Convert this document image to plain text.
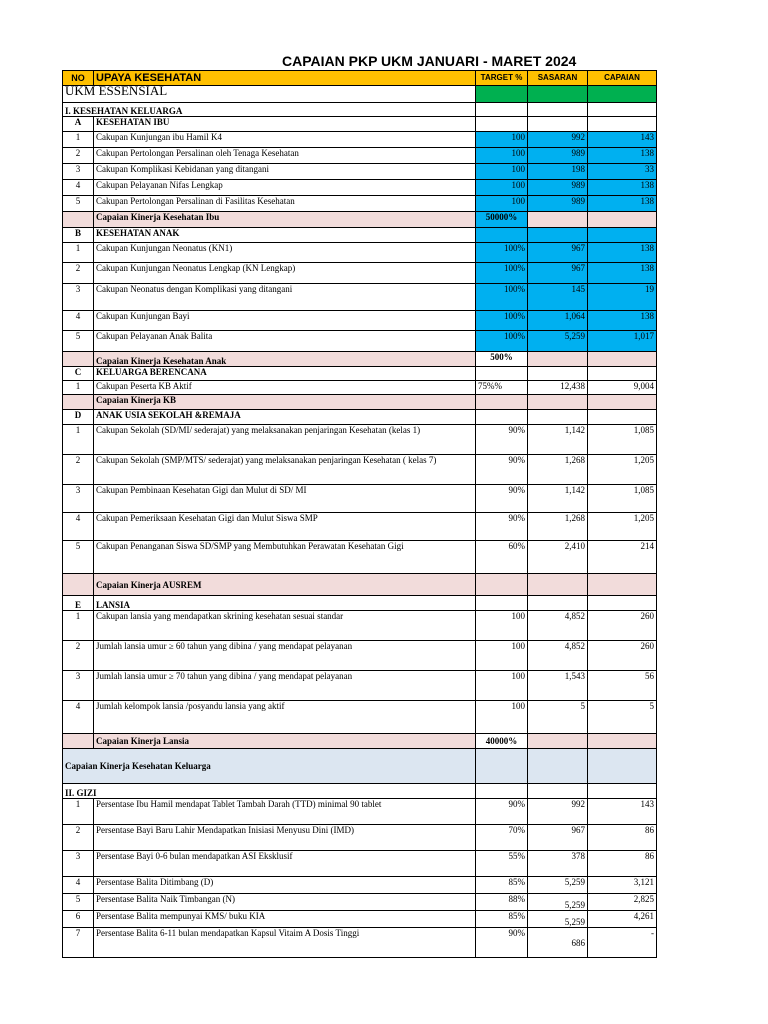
CAPAIAN PKP UKM JANUARI - MARET 2024
NO	UPAYA KESEHATAN	TARGET %	SASARAN	CAPAIAN
UKM ESSENSIAL				
I. KESEHATAN KELUARGA				
A	KESEHATAN IBU			
1	Cakupan Kunjungan ibu Hamil K4	100	992	143
2	Cakupan Pertolongan Persalinan oleh Tenaga Kesehatan	100	989	138
3	Cakupan Komplikasi Kebidanan yang ditangani	100	198	33
4	Cakupan Pelayanan Nifas Lengkap	100	989	138
5	Cakupan Pertolongan Persalinan di Fasilitas Kesehatan	100	989	138
	Capaian Kinerja Kesehatan Ibu	50000%		
B	KESEHATAN ANAK			
1	Cakupan Kunjungan Neonatus (KN1)	100%	967	138
2	Cakupan Kunjungan Neonatus Lengkap (KN Lengkap)	100%	967	138
3	Cakupan Neonatus dengan Komplikasi yang ditangani	100%	145	19
4	Cakupan Kunjungan Bayi	100%	1,064	138
5	Cakupan Pelayanan Anak Balita	100%	5,259	1,017
	Capaian Kinerja Kesehatan Anak	500%		
C	KELUARGA BERENCANA			
1	Cakupan Peserta KB Aktif	75%%	12,438	9,004
	Capaian Kinerja KB			
D	ANAK USIA SEKOLAH &REMAJA			
1	Cakupan Sekolah (SD/MI/ sederajat) yang melaksanakan penjaringan Kesehatan (kelas 1)	90%	1,142	1,085
2	Cakupan Sekolah (SMP/MTS/ sederajat) yang melaksanakan penjaringan Kesehatan ( kelas 7)	90%	1,268	1,205
3	Cakupan Pembinaan Kesehatan Gigi dan Mulut di SD/ MI	90%	1,142	1,085
4	Cakupan Pemeriksaan Kesehatan Gigi dan Mulut Siswa SMP	90%	1,268	1,205
5	Cakupan Penanganan Siswa SD/SMP yang Membutuhkan Perawatan Kesehatan Gigi	60%	2,410	214
	Capaian Kinerja AUSREM			
E	LANSIA			
1	Cakupan lansia yang mendapatkan skrining kesehatan sesuai standar	100	4,852	260
2	Jumlah lansia umur ≥ 60 tahun yang dibina / yang mendapat pelayanan	100	4,852	260
3	Jumlah lansia umur ≥ 70 tahun yang dibina / yang mendapat pelayanan	100	1,543	56
4	Jumlah kelompok lansia /posyandu lansia yang aktif	100	5	5
	Capaian Kinerja Lansia	40000%		
Capaian Kinerja Kesehatan Keluarga				
II. GIZI				
1	Persentase Ibu Hamil mendapat Tablet Tambah Darah (TTD) minimal 90 tablet	90%	992	143
2	Persentase Bayi Baru Lahir Mendapatkan Inisiasi Menyusu Dini (IMD)	70%	967	86
3	Persentase Bayi 0-6 bulan mendapatkan ASI Eksklusif	55%	378	86
4	Persentase Balita Ditimbang (D)	85%	5,259	3,121
5	Persentase Balita Naik Timbangan (N)	88%	5,259	2,825
6	Persentase Balita mempunyai KMS/ buku KIA	85%	5,259	4,261
7	Persentase Balita 6-11 bulan mendapatkan Kapsul Vitaim A Dosis Tinggi	90%	686	-
